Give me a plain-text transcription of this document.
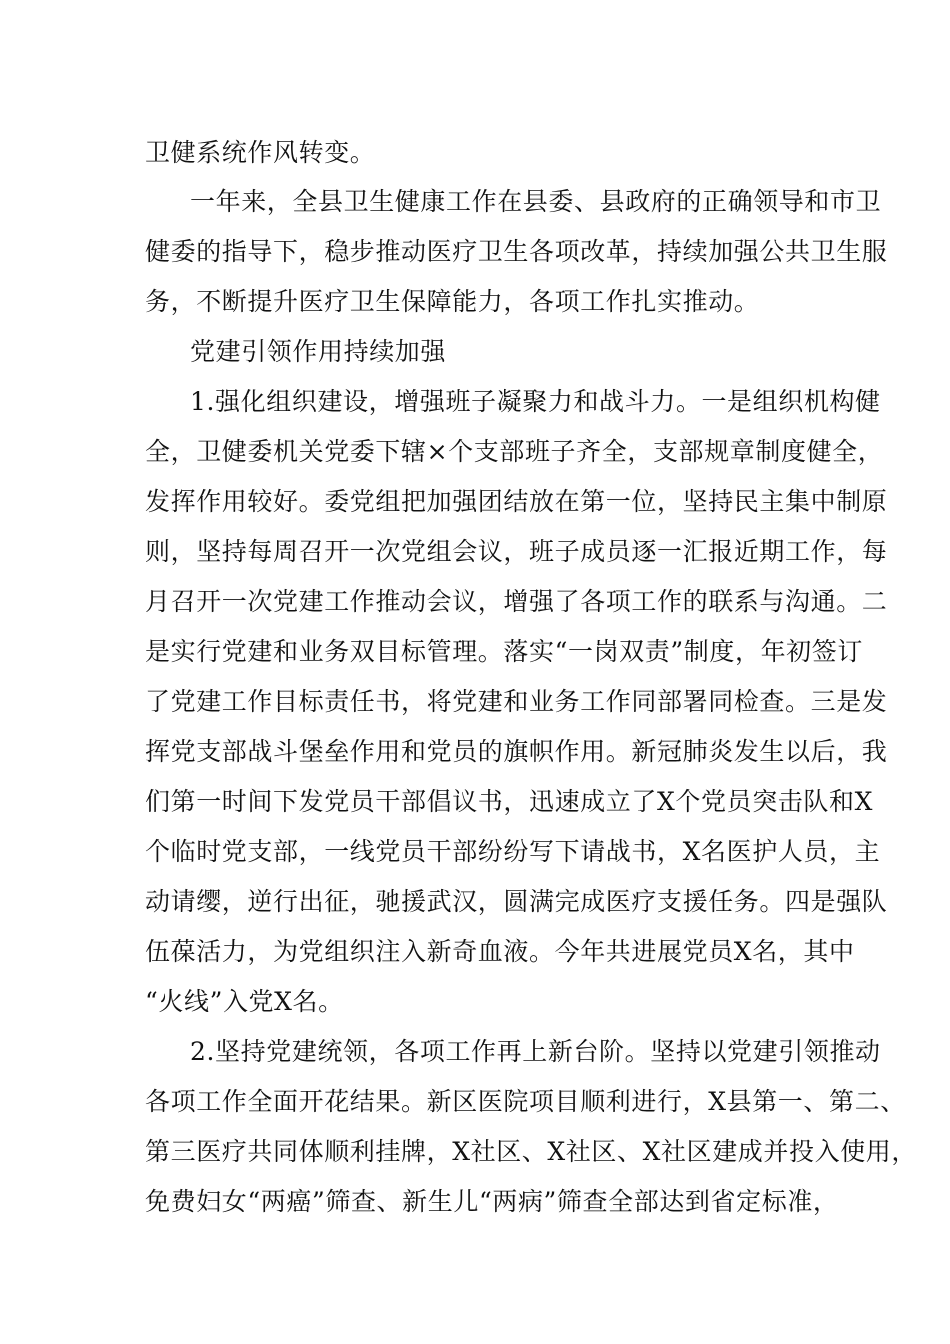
卫健系统作风转变。

一年来，全县卫生健康工作在县委、县政府的正确领导和市卫

健委的指导下，稳步推动医疗卫生各项改革，持续加强公共卫生服

务，不断提升医疗卫生保障能力，各项工作扎实推动。

党建引领作用持续加强

1.强化组织建设，增强班子凝聚力和战斗力。一是组织机构健

全，卫健委机关党委下辖×个支部班子齐全，支部规章制度健全，

发挥作用较好。委党组把加强团结放在第一位，坚持民主集中制原

则，坚持每周召开一次党组会议，班子成员逐一汇报近期工作，每

月召开一次党建工作推动会议，增强了各项工作的联系与沟通。二

是实行党建和业务双目标管理。落实“一岗双责”制度，年初签订

了党建工作目标责任书，将党建和业务工作同部署同检查。三是发

挥党支部战斗堡垒作用和党员的旗帜作用。新冠肺炎发生以后，我

们第一时间下发党员干部倡议书，迅速成立了X个党员突击队和X

个临时党支部，一线党员干部纷纷写下请战书，X名医护人员，主

动请缨，逆行出征，驰援武汉，圆满完成医疗支援任务。四是强队

伍葆活力，为党组织注入新奇血液。今年共进展党员X名，其中

“火线”入党X名。

2.坚持党建统领，各项工作再上新台阶。坚持以党建引领推动

各项工作全面开花结果。新区医院项目顺利进行，X县第一、第二、

第三医疗共同体顺利挂牌，X社区、X社区、X社区建成并投入使用，

免费妇女“两癌”筛查、新生儿“两病”筛查全部达到省定标准，
